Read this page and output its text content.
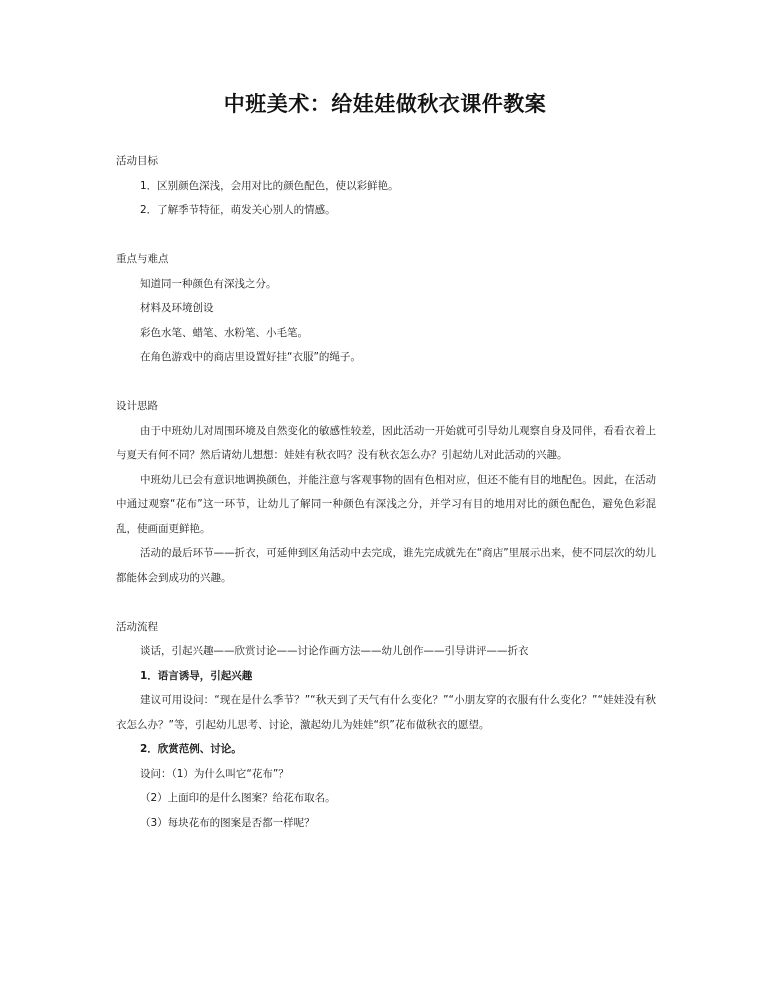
中班美术：给娃娃做秋衣课件教案
活动目标
1．区别颜色深浅，会用对比的颜色配色，使以彩鲜艳。
2．了解季节特征，萌发关心别人的情感。
重点与难点
知道同一种颜色有深浅之分。
材料及环境创设
彩色水笔、蜡笔、水粉笔、小毛笔。
在角色游戏中的商店里设置好挂“衣服”的绳子。
设计思路
由于中班幼儿对周围环境及自然变化的敏感性较差，因此活动一开始就可引导幼儿观察自身及同伴，看看衣着上与夏天有何不同？然后请幼儿想想：娃娃有秋衣吗？没有秋衣怎么办？引起幼儿对此活动的兴趣。
中班幼儿已会有意识地调换颜色，并能注意与客观事物的固有色相对应，但还不能有目的地配色。因此，在活动中通过观察“花布”这一环节，让幼儿了解同一种颜色有深浅之分，并学习有目的地用对比的颜色配色，避免色彩混乱，使画面更鲜艳。
活动的最后环节——折衣，可延伸到区角活动中去完成，谁先完成就先在“商店”里展示出来，使不同层次的幼儿都能体会到成功的兴趣。
活动流程
谈话，引起兴趣——欣赏讨论——讨论作画方法——幼儿创作——引导讲评——折衣
1．语言诱导，引起兴趣
建议可用设问：“现在是什么季节？”“秋天到了天气有什么变化？”“小朋友穿的衣服有什么变化？”“娃娃没有秋衣怎么办？”等，引起幼儿思考、讨论，激起幼儿为娃娃“织”花布做秋衣的愿望。
2．欣赏范例、讨论。
设问：（1）为什么叫它“花布”？
（2）上面印的是什么图案？给花布取名。
（3）每块花布的图案是否都一样呢？
